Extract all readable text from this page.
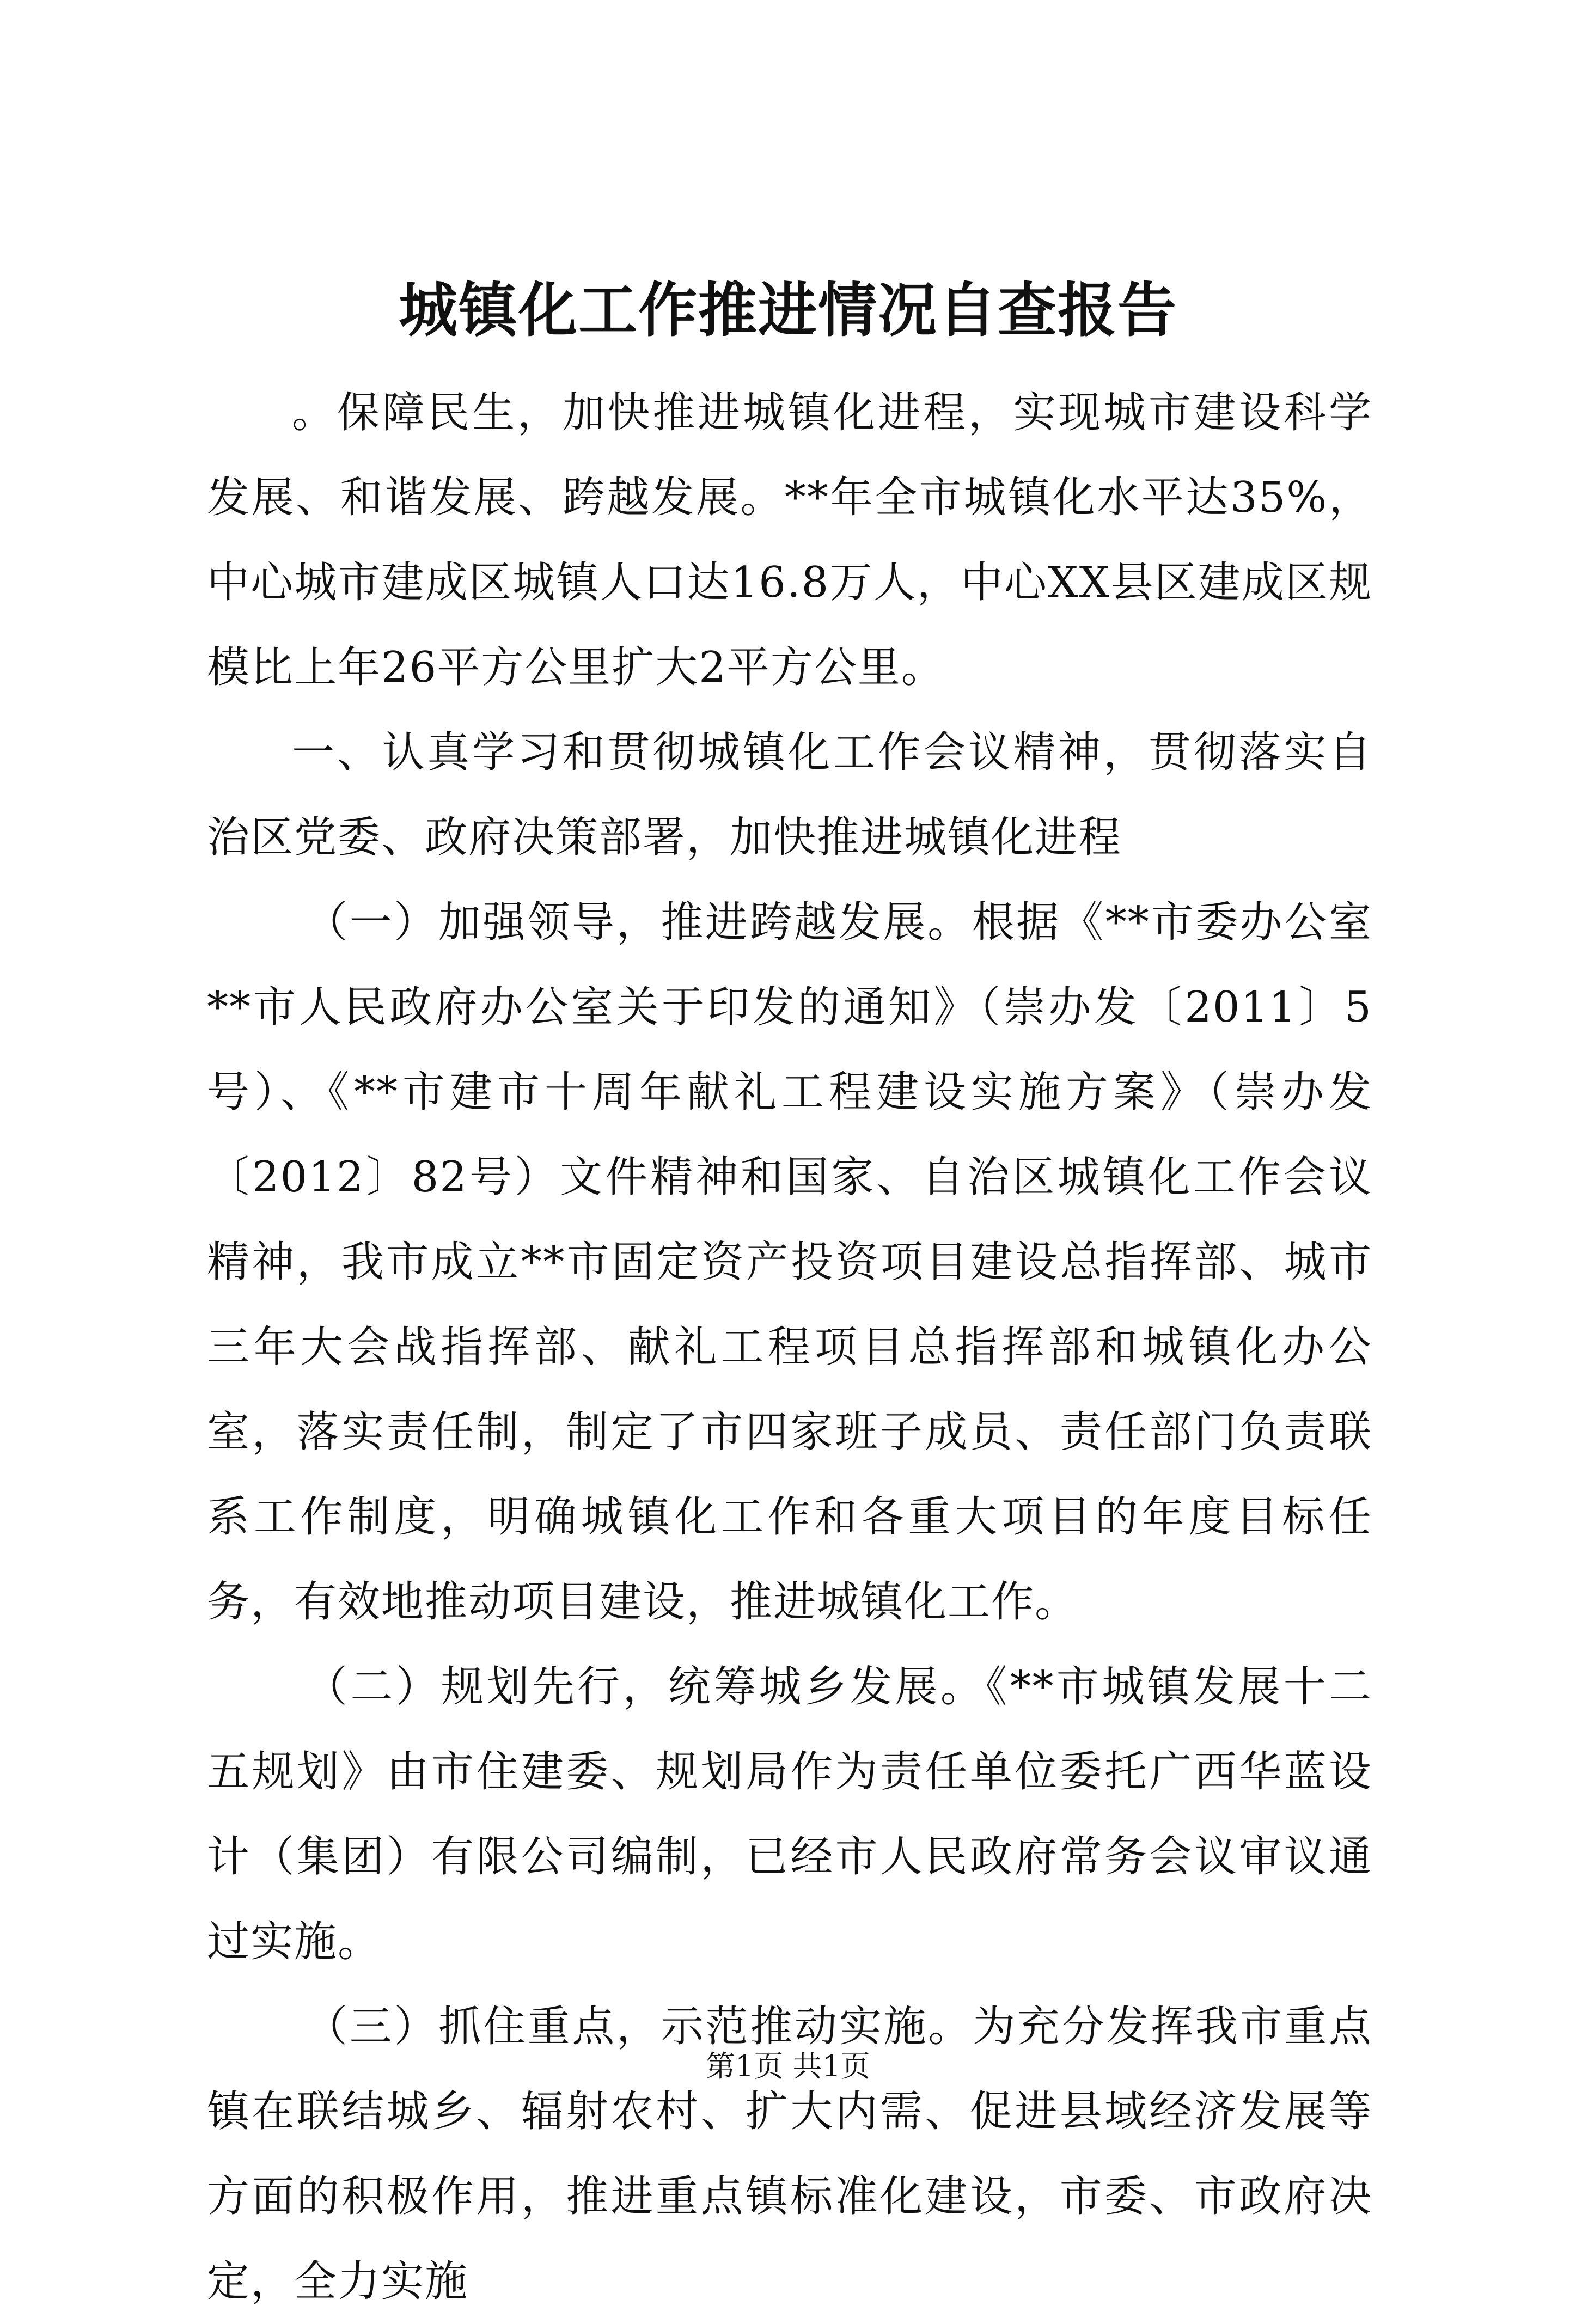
城镇化工作推进情况自查报告

。保障民生，加快推进城镇化进程，实现城市建设科学发展、和谐发展、跨越发展。**年全市城镇化水平达35%，中心城市建成区城镇人口达16.8万人，中心XX县区建成区规模比上年26平方公里扩大2平方公里。

一、认真学习和贯彻城镇化工作会议精神，贯彻落实自治区党委、政府决策部署，加快推进城镇化进程

（一）加强领导，推进跨越发展。根据《**市委办公室**市人民政府办公室关于印发的通知》（崇办发〔2011〕5号）、《**市建市十周年献礼工程建设实施方案》（崇办发〔2012〕82号）文件精神和国家、自治区城镇化工作会议精神，我市成立**市固定资产投资项目建设总指挥部、城市三年大会战指挥部、献礼工程项目总指挥部和城镇化办公室，落实责任制，制定了市四家班子成员、责任部门负责联系工作制度，明确城镇化工作和各重大项目的年度目标任务，有效地推动项目建设，推进城镇化工作。

（二）规划先行，统筹城乡发展。《**市城镇发展十二五规划》由市住建委、规划局作为责任单位委托广西华蓝设计（集团）有限公司编制，已经市人民政府常务会议审议通过实施。

（三）抓住重点，示范推动实施。为充分发挥我市重点镇在联结城乡、辐射农村、扩大内需、促进县域经济发展等方面的积极作用，推进重点镇标准化建设，市委、市政府决定，全力实施

第1页 共1页
